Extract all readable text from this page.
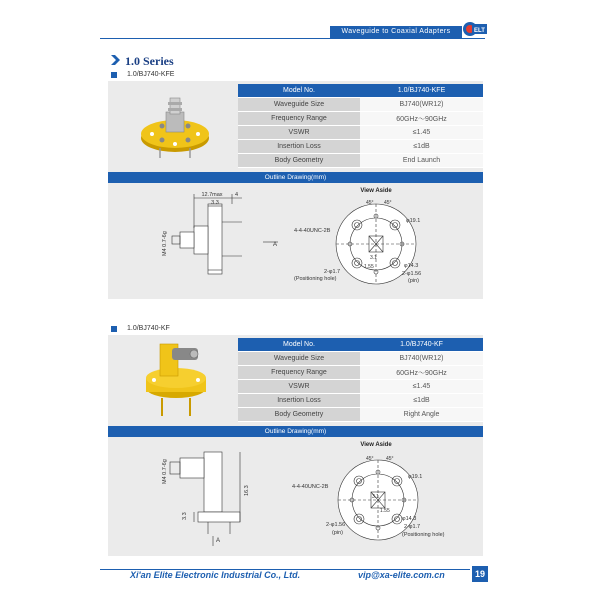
Waveguide to Coaxial Adapters	ELT
1.0 Series
1.0/BJ740-KFE
Model No.	1.0/BJ740-KFE
Waveguide Size	BJ740(WR12)
Frequency Range	60GHz～90GHz
VSWR	≤1.45
Insertion Loss	≤1dB
Body Geometry	End Launch
Outline Drawing(mm)
12.7max 4
3.3
M4 0.7-6g	A
View Aside
45° 45°
4-4-40UNC-2B
φ19.1
φ14.3
2-φ1.56
(pin)
2-φ1.7
(Positioning hole)
3.1
1.55
1.0/BJ740-KF
Model No.	1.0/BJ740-KF
Waveguide Size	BJ740(WR12)
Frequency Range	60GHz～90GHz
VSWR	≤1.45
Insertion Loss	≤1dB
Body Geometry	Right Angle
Outline Drawing(mm)
M4 0.7-6g
16.3
3.3
A
View Aside
45° 45°
4-4-40UNC-2B
φ19.1
φ14.3
2-φ1.56
(pin)
2-φ1.7
(Positioning hole)
3.1
1.55
Xi'an Elite Electronic Industrial Co., Ltd.	vip@xa-elite.com.cn	19
